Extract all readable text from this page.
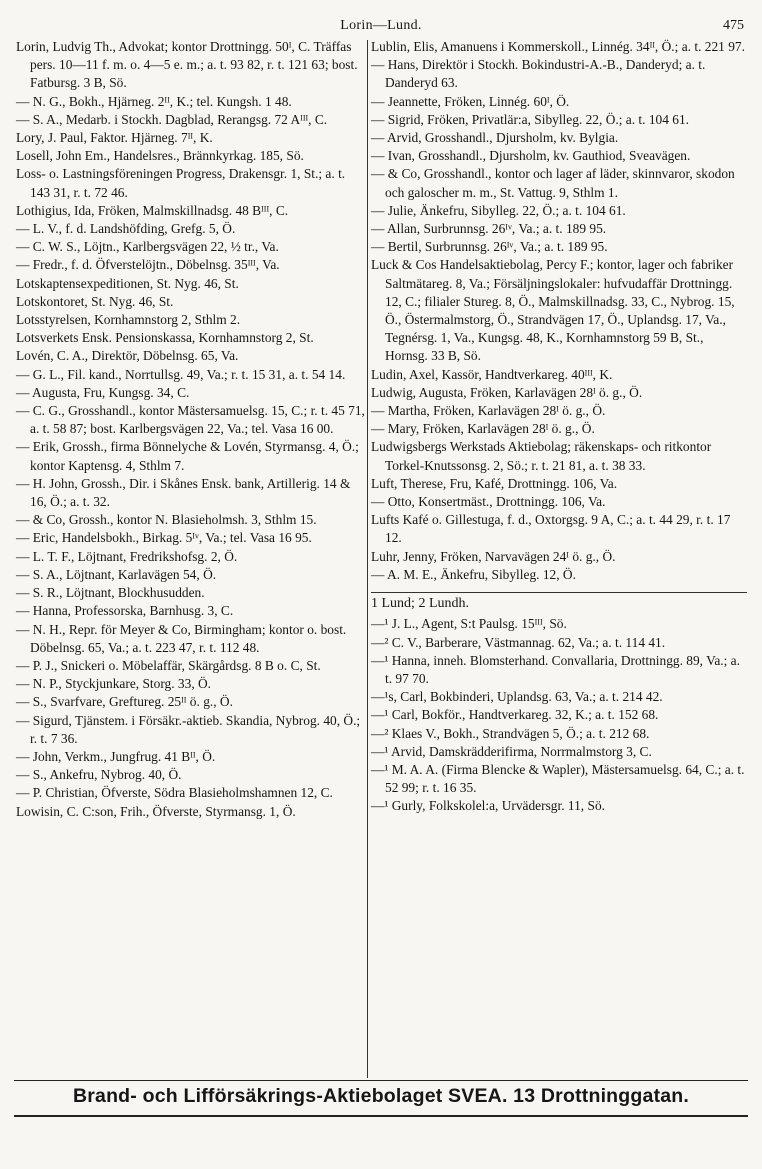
Lorin—Lund.	475
Lorin, Ludvig Th., Advokat; kontor Drottningg. 50ᴵ, C. Träffas pers. 10—11 f. m. o. 4—5 e. m.; a. t. 93 82, r. t. 121 63; bost. Fatbursg. 3 B, Sö.
— N. G., Bokh., Hjärneg. 2ᴵᴵ, K.; tel. Kungsh. 1 48.
— S. A., Medarb. i Stockh. Dagblad, Rerangsg. 72 Aᴵᴵᴵ, C.
Lory, J. Paul, Faktor. Hjärneg. 7ᴵᴵ, K.
Losell, John Em., Handelsres., Brännkyrkag. 185, Sö.
Loss- o. Lastningsföreningen Progress, Drakensgr. 1, St.; a. t. 143 31, r. t. 72 46.
Lothigius, Ida, Fröken, Malmskillnadsg. 48 Bᴵᴵᴵ, C.
— L. V., f. d. Landshöfding, Grefg. 5, Ö.
— C. W. S., Löjtn., Karlbergsvägen 22, ½ tr., Va.
— Fredr., f. d. Öfverstelöjtn., Döbelnsg. 35ᴵᴵᴵ, Va.
Lotskaptensexpeditionen, St. Nyg. 46, St.
Lotskontoret, St. Nyg. 46, St.
Lotsstyrelsen, Kornhamnstorg 2, Sthlm 2.
Lotsverkets Ensk. Pensionskassa, Kornhamnstorg 2, St.
Lovén, C. A., Direktör, Döbelnsg. 65, Va.
— G. L., Fil. kand., Norrtullsg. 49, Va.; r. t. 15 31, a. t. 54 14.
— Augusta, Fru, Kungsg. 34, C.
— C. G., Grosshandl., kontor Mästersamuelsg. 15, C.; r. t. 45 71, a. t. 58 87; bost. Karlbergsvägen 22, Va.; tel. Vasa 16 00.
— Erik, Grossh., firma Bönnelyche & Lovén, Styrmansg. 4, Ö.; kontor Kaptensg. 4, Sthlm 7.
— H. John, Grossh., Dir. i Skånes Ensk. bank, Artillerig. 14 & 16, Ö.; a. t. 32.
— & Co, Grossh., kontor N. Blasieholmsh. 3, Sthlm 15.
— Eric, Handelsbokh., Birkag. 5ᴵᵛ, Va.; tel. Vasa 16 95.
— L. T. F., Löjtnant, Fredrikshofsg. 2, Ö.
— S. A., Löjtnant, Karlavägen 54, Ö.
— S. R., Löjtnant, Blockhusudden.
— Hanna, Professorska, Barnhusg. 3, C.
— N. H., Repr. för Meyer & Co, Birmingham; kontor o. bost. Döbelnsg. 65, Va.; a. t. 223 47, r. t. 112 48.
— P. J., Snickeri o. Möbelaffär, Skärgårdsg. 8 B o. C, St.
— N. P., Styckjunkare, Storg. 33, Ö.
— S., Svarfvare, Greftureg. 25ᴵᴵ ö. g., Ö.
— Sigurd, Tjänstem. i Försäkr.-aktieb. Skandia, Nybrog. 40, Ö.; r. t. 7 36.
— John, Verkm., Jungfrug. 41 Bᴵᴵ, Ö.
— S., Ankefru, Nybrog. 40, Ö.
— P. Christian, Öfverste, Södra Blasieholmshamnen 12, C.
Lowisin, C. C:son, Frih., Öfverste, Styrmansg. 1, Ö.
Lublin, Elis, Amanuens i Kommerskoll., Linnég. 34ᴵᴵ, Ö.; a. t. 221 97.
— Hans, Direktör i Stockh. Bokindustri-A.-B., Danderyd; a. t. Danderyd 63.
— Jeannette, Fröken, Linnég. 60ᴵ, Ö.
— Sigrid, Fröken, Privatlär:a, Sibylleg. 22, Ö.; a. t. 104 61.
— Arvid, Grosshandl., Djursholm, kv. Bylgia.
— Ivan, Grosshandl., Djursholm, kv. Gauthiod, Sveavägen.
— & Co, Grosshandl., kontor och lager af läder, skinnvaror, skodon och galoscher m. m., St. Vattug. 9, Sthlm 1.
— Julie, Änkefru, Sibylleg. 22, Ö.; a. t. 104 61.
— Allan, Surbrunnsg. 26ᴵᵛ, Va.; a. t. 189 95.
— Bertil, Surbrunnsg. 26ᴵᵛ, Va.; a. t. 189 95.
Luck & Cos Handelsaktiebolag, Percy F.; kontor, lager och fabriker Saltmätareg. 8, Va.; Försäljningslokaler: hufvudaffär Drottningg. 12, C.; filialer Stureg. 8, Ö., Malmskillnadsg. 33, C., Nybrog. 15, Ö., Östermalmstorg, Ö., Strandvägen 17, Ö., Uplandsg. 17, Va., Tegnérsg. 1, Va., Kungsg. 48, K., Kornhamnstorg 59 B, St., Hornsg. 33 B, Sö.
Ludin, Axel, Kassör, Handtverkareg. 40ᴵᴵᴵ, K.
Ludwig, Augusta, Fröken, Karlavägen 28ᴵ ö. g., Ö.
— Martha, Fröken, Karlavägen 28ᴵ ö. g., Ö.
— Mary, Fröken, Karlavägen 28ᴵ ö. g., Ö.
Ludwigsbergs Werkstads Aktiebolag; räkenskaps- och ritkontor Torkel-Knutssonsg. 2, Sö.; r. t. 21 81, a. t. 38 33.
Luft, Therese, Fru, Kafé, Drottningg. 106, Va.
— Otto, Konsertmäst., Drottningg. 106, Va.
Lufts Kafé o. Gillestuga, f. d., Oxtorgsg. 9 A, C.; a. t. 44 29, r. t. 17 12.
Luhr, Jenny, Fröken, Narvavägen 24ᴵ ö. g., Ö.
— A. M. E., Änkefru, Sibylleg. 12, Ö.
1 Lund; 2 Lundh.
—¹ J. L., Agent, S:t Paulsg. 15ᴵᴵᴵ, Sö.
—² C. V., Barberare, Västmannag. 62, Va.; a. t. 114 41.
—¹ Hanna, inneh. Blomsterhand. Convallaria, Drottningg. 89, Va.; a. t. 97 70.
—¹s, Carl, Bokbinderi, Uplandsg. 63, Va.; a. t. 214 42.
—¹ Carl, Bokför., Handtverkareg. 32, K.; a. t. 152 68.
—² Klaes V., Bokh., Strandvägen 5, Ö.; a. t. 212 68.
—¹ Arvid, Damskrädderifirma, Norrmalmstorg 3, C.
—¹ M. A. A. (Firma Blencke & Wapler), Mästersamuelsg. 64, C.; a. t. 52 99; r. t. 16 35.
—¹ Gurly, Folkskolel:a, Urvädersgr. 11, Sö.
Brand- och Lifförsäkrings-Aktiebolaget SVEA. 13 Drottninggatan.
